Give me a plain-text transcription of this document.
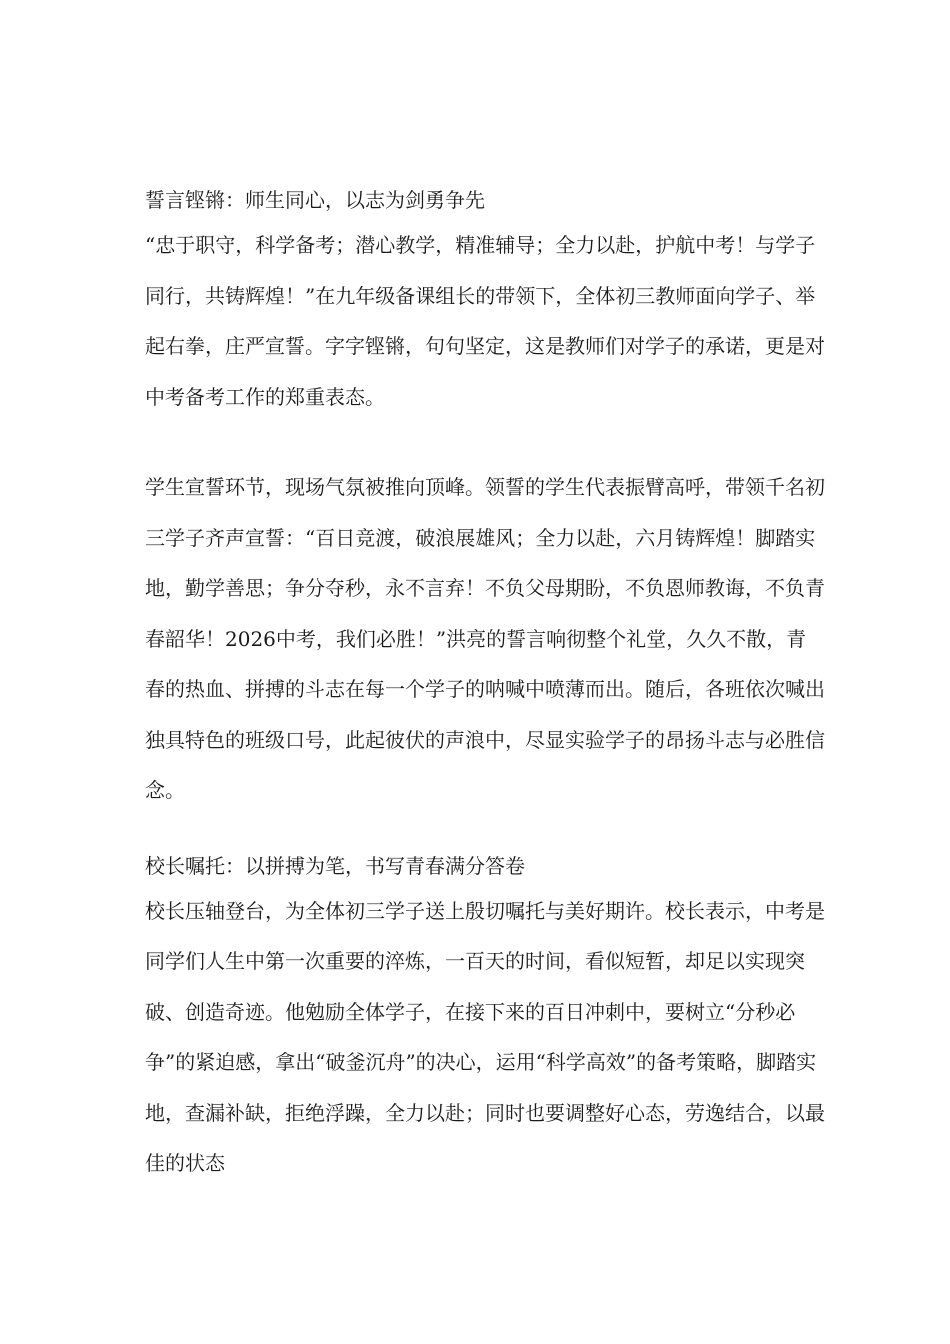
誓言铿锵：师生同心，以志为剑勇争先

“忠于职守，科学备考；潜心教学，精准辅导；全力以赴，护航中考！与学子同行，共铸辉煌！”在九年级备课组长的带领下，全体初三教师面向学子、举起右拳，庄严宣誓。字字铿锵，句句坚定，这是教师们对学子的承诺，更是对中考备考工作的郑重表态。

学生宣誓环节，现场气氛被推向顶峰。领誓的学生代表振臂高呼，带领千名初三学子齐声宣誓：“百日竞渡，破浪展雄风；全力以赴，六月铸辉煌！脚踏实地，勤学善思；争分夺秒，永不言弃！不负父母期盼，不负恩师教诲，不负青春韶华！2026中考，我们必胜！”洪亮的誓言响彻整个礼堂，久久不散，青春的热血、拼搏的斗志在每一个学子的呐喊中喷薄而出。随后，各班依次喊出独具特色的班级口号，此起彼伏的声浪中，尽显实验学子的昂扬斗志与必胜信念。

校长嘱托：以拼搏为笔，书写青春满分答卷

校长压轴登台，为全体初三学子送上殷切嘱托与美好期许。校长表示，中考是同学们人生中第一次重要的淬炼，一百天的时间，看似短暂，却足以实现突破、创造奇迹。他勉励全体学子，在接下来的百日冲刺中，要树立“分秒必争”的紧迫感，拿出“破釜沉舟”的决心，运用“科学高效”的备考策略，脚踏实地，查漏补缺，拒绝浮躁，全力以赴；同时也要调整好心态，劳逸结合，以最佳的状态
